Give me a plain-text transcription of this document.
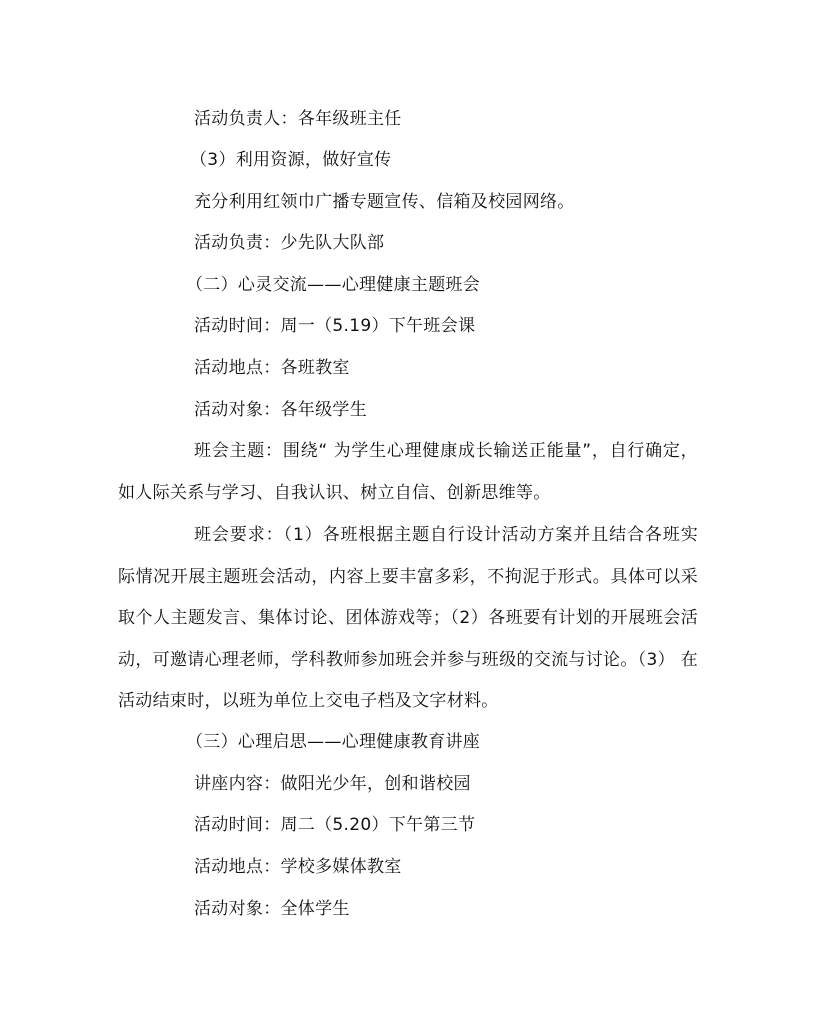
活动负责人：各年级班主任
（3）利用资源，做好宣传
充分利用红领巾广播专题宣传、信箱及校园网络。
活动负责：少先队大队部
（二）心灵交流——心理健康主题班会
活动时间：周一（5.19）下午班会课
活动地点：各班教室
活动对象：各年级学生
班会主题：围绕“ 为学生心理健康成长输送正能量”，自行确定，如人际关系与学习、自我认识、树立自信、创新思维等。
班会要求：（1）各班根据主题自行设计活动方案并且结合各班实际情况开展主题班会活动，内容上要丰富多彩，不拘泥于形式。具体可以采取个人主题发言、集体讨论、团体游戏等；（2）各班要有计划的开展班会活动，可邀请心理老师，学科教师参加班会并参与班级的交流与讨论。（3） 在活动结束时，以班为单位上交电子档及文字材料。
（三）心理启思——心理健康教育讲座
讲座内容：做阳光少年，创和谐校园
活动时间：周二（5.20）下午第三节
活动地点：学校多媒体教室
活动对象：全体学生
